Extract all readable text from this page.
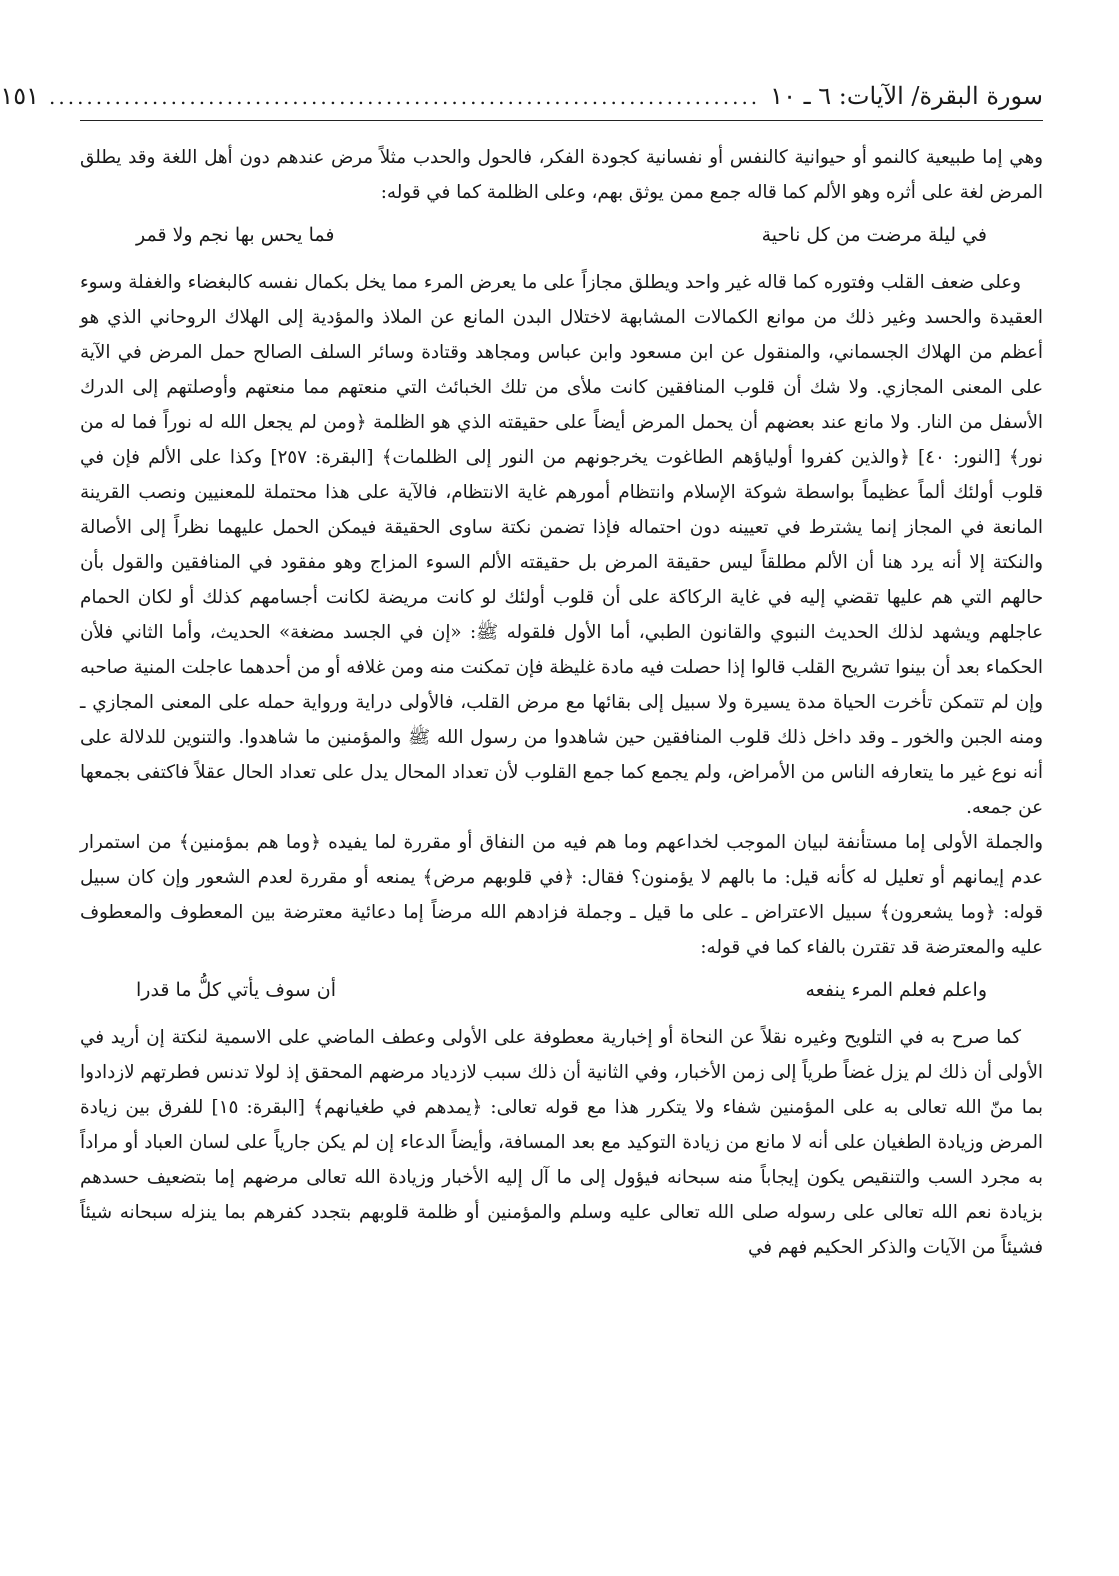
سورة البقرة/ الآيات: ٦ ـ ١٠
............................................................................
١٥١

وهي إما طبيعية كالنمو أو حيوانية كالنفس أو نفسانية كجودة الفكر، فالحول والحدب مثلاً مرض عندهم دون أهل اللغة وقد يطلق المرض لغة على أثره وهو الألم كما قاله جمع ممن يوثق بهم، وعلى الظلمة كما في قوله:

في ليلة مرضت من كل ناحية
فما يحس بها نجم ولا قمر

وعلى ضعف القلب وفتوره كما قاله غير واحد ويطلق مجازاً على ما يعرض المرء مما يخل بكمال نفسه كالبغضاء والغفلة وسوء العقيدة والحسد وغير ذلك من موانع الكمالات المشابهة لاختلال البدن المانع عن الملاذ والمؤدية إلى الهلاك الروحاني الذي هو أعظم من الهلاك الجسماني، والمنقول عن ابن مسعود وابن عباس ومجاهد وقتادة وسائر السلف الصالح حمل المرض في الآية على المعنى المجازي. ولا شك أن قلوب المنافقين كانت ملأى من تلك الخبائث التي منعتهم مما منعتهم وأوصلتهم إلى الدرك الأسفل من النار. ولا مانع عند بعضهم أن يحمل المرض أيضاً على حقيقته الذي هو الظلمة ﴿ومن لم يجعل الله له نوراً فما له من نور﴾ [النور: ٤٠] ﴿والذين كفروا أولياؤهم الطاغوت يخرجونهم من النور إلى الظلمات﴾ [البقرة: ٢٥٧] وكذا على الألم فإن في قلوب أولئك ألماً عظيماً بواسطة شوكة الإسلام وانتظام أمورهم غاية الانتظام، فالآية على هذا محتملة للمعنيين ونصب القرينة المانعة في المجاز إنما يشترط في تعيينه دون احتماله فإذا تضمن نكتة ساوى الحقيقة فيمكن الحمل عليهما نظراً إلى الأصالة والنكتة إلا أنه يرد هنا أن الألم مطلقاً ليس حقيقة المرض بل حقيقته الألم السوء المزاج وهو مفقود في المنافقين والقول بأن حالهم التي هم عليها تقضي إليه في غاية الركاكة على أن قلوب أولئك لو كانت مريضة لكانت أجسامهم كذلك أو لكان الحمام عاجلهم ويشهد لذلك الحديث النبوي والقانون الطبي، أما الأول فلقوله ﷺ: «إن في الجسد مضغة» الحديث، وأما الثاني فلأن الحكماء بعد أن بينوا تشريح القلب قالوا إذا حصلت فيه مادة غليظة فإن تمكنت منه ومن غلافه أو من أحدهما عاجلت المنية صاحبه وإن لم تتمكن تأخرت الحياة مدة يسيرة ولا سبيل إلى بقائها مع مرض القلب، فالأولى دراية ورواية حمله على المعنى المجازي ـ ومنه الجبن والخور ـ وقد داخل ذلك قلوب المنافقين حين شاهدوا من رسول الله ﷺ والمؤمنين ما شاهدوا. والتنوين للدلالة على أنه نوع غير ما يتعارفه الناس من الأمراض، ولم يجمع كما جمع القلوب لأن تعداد المحال يدل على تعداد الحال عقلاً فاكتفى بجمعها عن جمعه.

والجملة الأولى إما مستأنفة لبيان الموجب لخداعهم وما هم فيه من النفاق أو مقررة لما يفيده ﴿وما هم بمؤمنين﴾ من استمرار عدم إيمانهم أو تعليل له كأنه قيل: ما بالهم لا يؤمنون؟ فقال: ﴿في قلوبهم مرض﴾ يمنعه أو مقررة لعدم الشعور وإن كان سبيل قوله: ﴿وما يشعرون﴾ سبيل الاعتراض ـ على ما قيل ـ وجملة فزادهم الله مرضاً إما دعائية معترضة بين المعطوف والمعطوف عليه والمعترضة قد تقترن بالفاء كما في قوله:

واعلم فعلم المرء ينفعه
أن سوف يأتي كلُّ ما قدرا

كما صرح به في التلويح وغيره نقلاً عن النحاة أو إخبارية معطوفة على الأولى وعطف الماضي على الاسمية لنكتة إن أريد في الأولى أن ذلك لم يزل غضاً طرياً إلى زمن الأخبار، وفي الثانية أن ذلك سبب لازدياد مرضهم المحقق إذ لولا تدنس فطرتهم لازدادوا بما منّ الله تعالى به على المؤمنين شفاء ولا يتكرر هذا مع قوله تعالى: ﴿يمدهم في طغيانهم﴾ [البقرة: ١٥] للفرق بين زيادة المرض وزيادة الطغيان على أنه لا مانع من زيادة التوكيد مع بعد المسافة، وأيضاً الدعاء إن لم يكن جارياً على لسان العباد أو مراداً به مجرد السب والتنقيص يكون إيجاباً منه سبحانه فيؤول إلى ما آل إليه الأخبار وزيادة الله تعالى مرضهم إما بتضعيف حسدهم بزيادة نعم الله تعالى على رسوله صلى الله تعالى عليه وسلم والمؤمنين أو ظلمة قلوبهم بتجدد كفرهم بما ينزله سبحانه شيئاً فشيئاً من الآيات والذكر الحكيم فهم في
